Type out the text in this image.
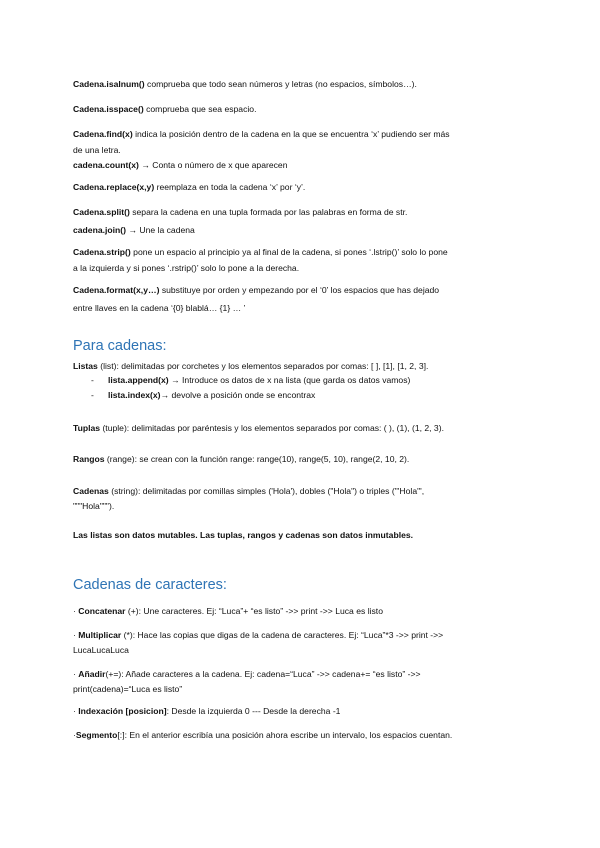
Cadena.isalnum() comprueba que todo sean números y letras (no espacios, símbolos…).
Cadena.isspace() comprueba que sea espacio.
Cadena.find(x) indica la posición dentro de la cadena en la que se encuentra ‘x’ pudiendo ser más
de una letra.
cadena.count(x) → Conta o número de x que aparecen
Cadena.replace(x,y) reemplaza en toda la cadena ‘x’ por ‘y’.
Cadena.split() separa la cadena en una tupla formada por las palabras en forma de str.
cadena.join() → Une la cadena
Cadena.strip() pone un espacio al principio ya al final de la cadena, si pones ‘.lstrip()’ solo lo pone
a la izquierda y si pones ‘.rstrip()’ solo lo pone a la derecha.
Cadena.format(x,y…) substituye por orden y empezando por el ‘0’ los espacios que has dejado
entre llaves en la cadena ‘{0} blablá… {1} … ’
Para cadenas:
Listas (list): delimitadas por corchetes y los elementos separados por comas: [ ], [1], [1, 2, 3].
- lista.append(x) → Introduce os datos de x na lista (que garda os datos vamos)
- lista.index(x)→ devolve a posición onde se encontrax
Tuplas (tuple): delimitadas por paréntesis y los elementos separados por comas: ( ), (1), (1, 2, 3).
Rangos (range): se crean con la función range: range(10), range(5, 10), range(2, 10, 2).
Cadenas (string): delimitadas por comillas simples ('Hola'), dobles ("Hola") o triples ("'Hola"',
"""Hola""").
Las listas son datos mutables. Las tuplas, rangos y cadenas son datos inmutables.
Cadenas de caracteres:
· Concatenar (+): Une caracteres. Ej: “Luca”+ “es listo” ->> print ->> Luca es listo
· Multiplicar (*): Hace las copias que digas de la cadena de caracteres. Ej: “Luca”*3 ->> print ->>
LucaLucaLuca
· Añadir(+=): Añade caracteres a la cadena. Ej: cadena=“Luca” ->> cadena+= “es listo” ->>
print(cadena)=“Luca es listo”
· Indexación [posicion]: Desde la izquierda 0 --- Desde la derecha -1
·Segmento[:]: En el anterior escribía una posición ahora escribe un intervalo, los espacios cuentan.
